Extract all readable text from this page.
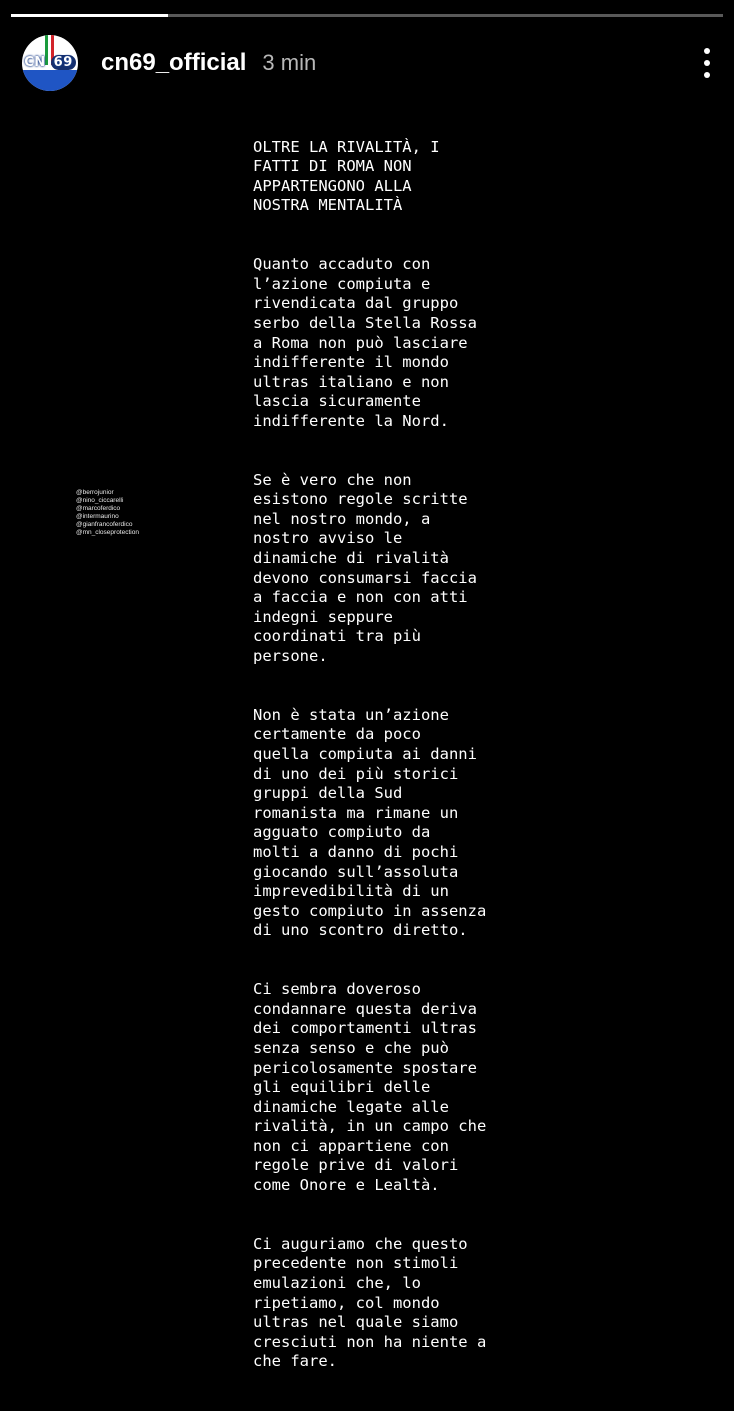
CN 69 cn69_official 3 min
@berrojunior
@nino_ciccarelli
@marcoferdico
@intermaurino
@gianfrancoferdico
@mn_closeprotection

OLTRE LA RIVALITÀ, I
FATTI DI ROMA NON
APPARTENGONO ALLA
NOSTRA MENTALITÀ

Quanto accaduto con
l’azione compiuta e
rivendicata dal gruppo
serbo della Stella Rossa
a Roma non può lasciare
indifferente il mondo
ultras italiano e non
lascia sicuramente
indifferente la Nord.

Se è vero che non
esistono regole scritte
nel nostro mondo, a
nostro avviso le
dinamiche di rivalità
devono consumarsi faccia
a faccia e non con atti
indegni seppure
coordinati tra più
persone.

Non è stata un’azione
certamente da poco
quella compiuta ai danni
di uno dei più storici
gruppi della Sud
romanista ma rimane un
agguato compiuto da
molti a danno di pochi
giocando sull’assoluta
imprevedibilità di un
gesto compiuto in assenza
di uno scontro diretto.

Ci sembra doveroso
condannare questa deriva
dei comportamenti ultras
senza senso e che può
pericolosamente spostare
gli equilibri delle
dinamiche legate alle
rivalità, in un campo che
non ci appartiene con
regole prive di valori
come Onore e Lealtà.

Ci auguriamo che questo
precedente non stimoli
emulazioni che, lo
ripetiamo, col mondo
ultras nel quale siamo
cresciuti non ha niente a
che fare.
